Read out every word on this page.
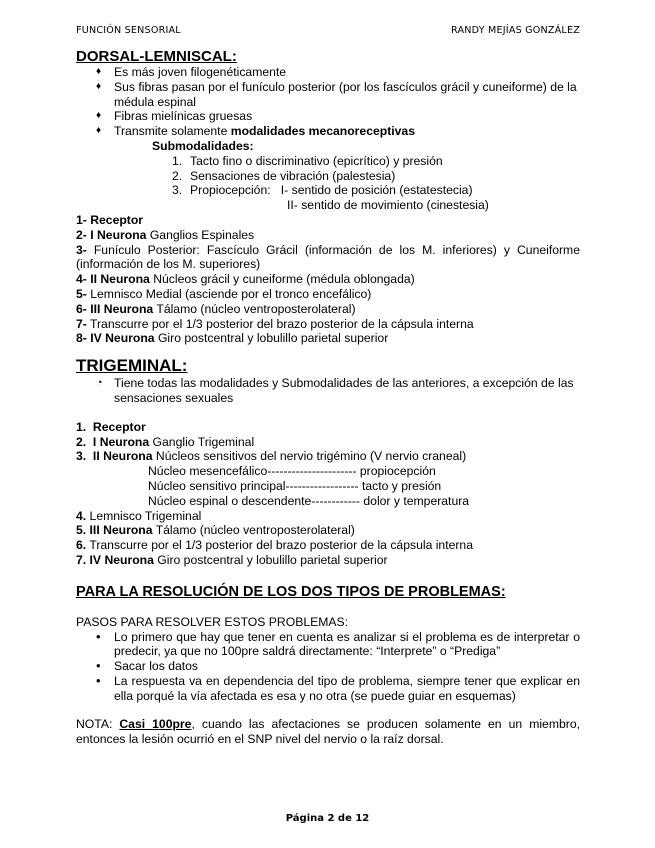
FUNCIÓN SENSORIAL	RANDY MEJÍAS GONZÁLEZ
DORSAL-LEMNISCAL:
♦ Es más joven filogenéticamente
♦ Sus fibras pasan por el funículo posterior (por los fascículos grácil y cuneiforme) de la médula espinal
♦ Fibras mielínicas gruesas
♦ Transmite solamente modalidades mecanoreceptivas
Submodalidades:
1. Tacto fino o discriminativo (epicrítico) y presión
2. Sensaciones de vibración (palestesia)
3. Propiocepción:   I- sentido de posición (estatestecia)
II- sentido de movimiento (cinestesia)
1- Receptor
2- I Neurona Ganglios Espinales
3- Funículo Posterior: Fascículo Grácil (información de los M. inferiores) y Cuneiforme (información de los M. superiores)
4- II Neurona Núcleos grácil y cuneiforme (médula oblongada)
5- Lemnisco Medial (asciende por el tronco encefálico)
6- III Neurona Tálamo (núcleo ventroposterolateral)
7- Transcurre por el 1/3 posterior del brazo posterior de la cápsula interna
8- IV Neurona Giro postcentral y lobulillo parietal superior
TRIGEMINAL:
◔ Tiene todas las modalidades y Submodalidades de las anteriores, a excepción de las sensaciones sexuales
1.  Receptor
2.  I Neurona Ganglio Trigeminal
3.  II Neurona Núcleos sensitivos del nervio trigémino (V nervio craneal)
Núcleo mesencefálico---------------------- propiocepción
Núcleo sensitivo principal------------------ tacto y presión
Núcleo espinal o descendente------------ dolor y temperatura
4. Lemnisco Trigeminal
5. III Neurona Tálamo (núcleo ventroposterolateral)
6. Transcurre por el 1/3 posterior del brazo posterior de la cápsula interna
7. IV Neurona Giro postcentral y lobulillo parietal superior
PARA LA RESOLUCIÓN DE LOS DOS TIPOS DE PROBLEMAS:
PASOS PARA RESOLVER ESTOS PROBLEMAS:
• Lo primero que hay que tener en cuenta es analizar si el problema es de interpretar o predecir, ya que no 100pre saldrá directamente: “Interprete” o “Prediga”
• Sacar los datos
• La respuesta va en dependencia del tipo de problema, siempre tener que explicar en ella porqué la vía afectada es esa y no otra (se puede guiar en esquemas)
NOTA: Casi 100pre, cuando las afectaciones se producen solamente en un miembro, entonces la lesión ocurrió en el SNP nivel del nervio o la raíz dorsal.
Página 2 de 12
